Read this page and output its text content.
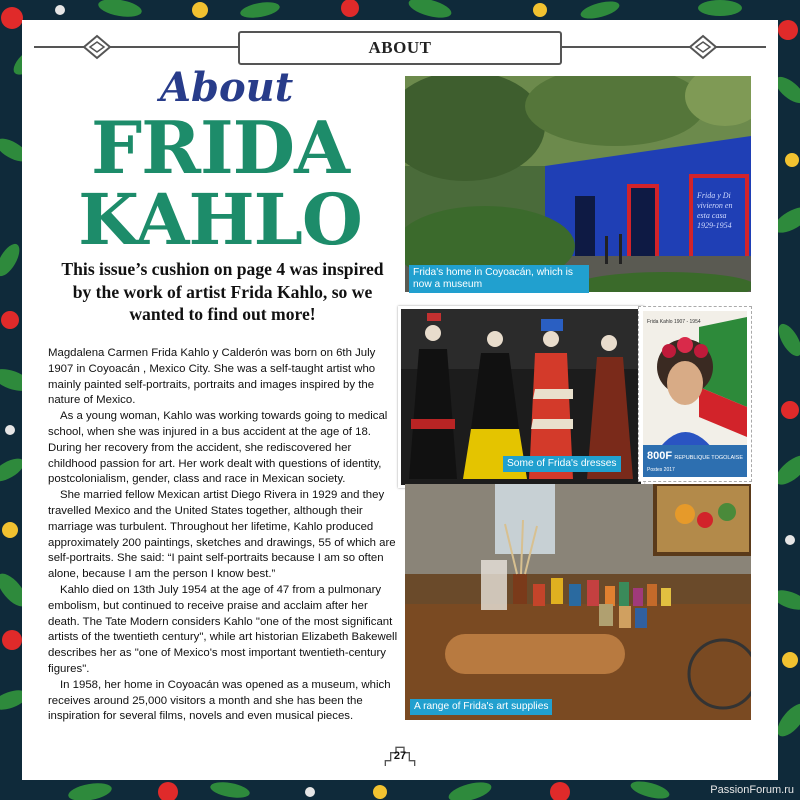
ABOUT
About
FRIDA
KAHLO
This issue’s cushion on page 4 was inspired by the work of artist Frida Kahlo, so we wanted to find out more!

Magdalena Carmen Frida Kahlo y Calderón was born on 6th July 1907 in Coyoacán , Mexico City. She was a self-taught artist who mainly painted self-portraits, portraits and images inspired by the nature of Mexico.

As a young woman, Kahlo was working towards going to medical school, when she was injured in a bus accident at the age of 18. During her recovery from the accident, she rediscovered her childhood passion for art. Her work dealt with questions of identity, postcolonialism, gender, class and race in Mexican society.

She married fellow Mexican artist Diego Rivera in 1929 and they travelled Mexico and the United States together, although their marriage was turbulent. Throughout her lifetime, Kahlo produced approximately 200 paintings, sketches and drawings, 55 of which are self-portraits. She said: “I paint self-portraits because I am so often alone, because I am the person I know best.”

Kahlo died on 13th July 1954 at the age of 47 from a pulmonary embolism, but continued to receive praise and acclaim after her death. The Tate Modern considers Kahlo "one of the most significant artists of the twentieth century", while art historian Elizabeth Bakewell describes her as "one of Mexico's most important twentieth-century figures".

In 1958, her home in Coyoacán was opened as a museum, which receives around 25,000 visitors a month and she has been the inspiration for several films, novels and even musical pieces.

Frida y Di vivieron en esta casa 1929-1954
Frida's home in Coyoacán, which is now a museum
Some of Frida's dresses
Frida Kahlo 1907 - 1954
800F REPUBLIQUE TOGOLAISE
Postes 2017
A range of Frida's art supplies
27
PassionForum.ru
